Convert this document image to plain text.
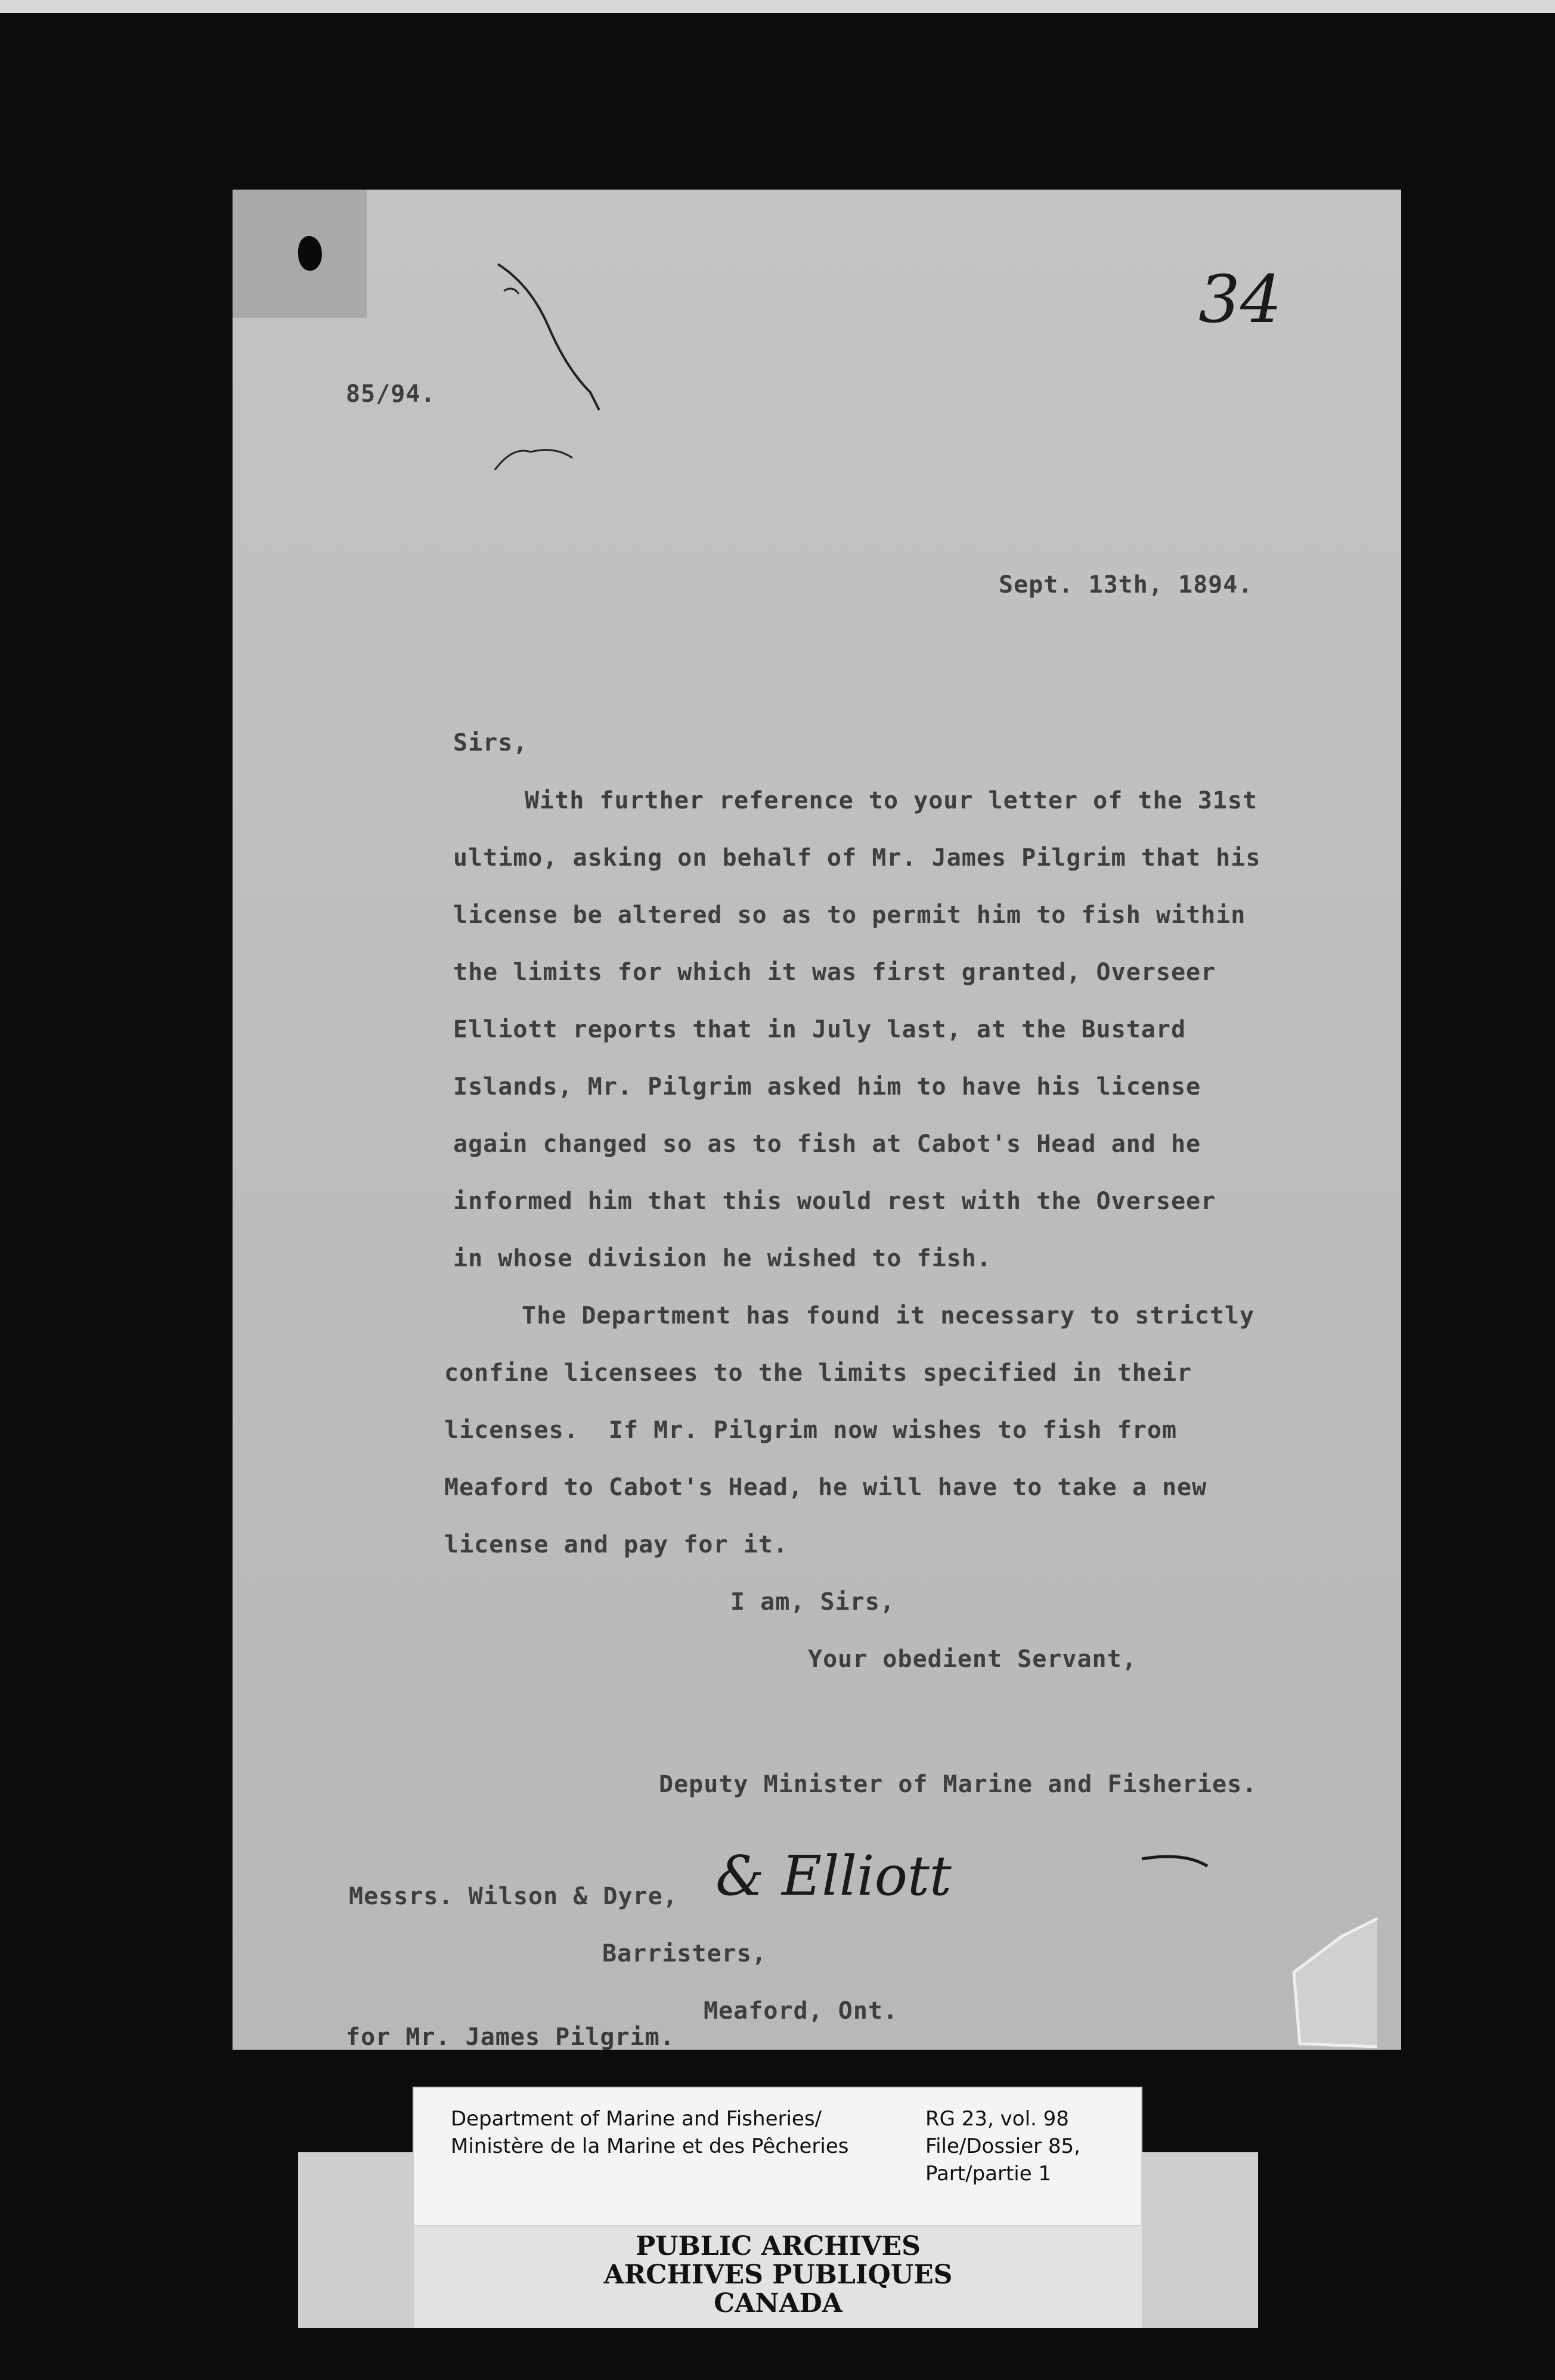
34

85/94.

Sept. 13th, 1894.

Sirs,

With further reference to your letter of the 31st

ultimo, asking on behalf of Mr. James Pilgrim that his

license be altered so as to permit him to fish within

the limits for which it was first granted, Overseer

Elliott reports that in July last, at the Bustard

Islands, Mr. Pilgrim asked him to have his license

again changed so as to fish at Cabot's Head and he

informed him that this would rest with the Overseer

in whose division he wished to fish.

The Department has found it necessary to strictly

confine licensees to the limits specified in their

licenses.  If Mr. Pilgrim now wishes to fish from

Meaford to Cabot's Head, he will have to take a new

license and pay for it.

I am, Sirs,

Your obedient Servant,

Deputy Minister of Marine and Fisheries.

Messrs. Wilson & Dyre, & Elliott

Barristers,

Meaford, Ont.

for Mr. James Pilgrim.

PUBLIC ARCHIVES

ARCHIVES PUBLIQUES

CANADA

Department of Marine and Fisheries/

Ministère de la Marine et des Pêcheries

RG 23, vol. 98

File/Dossier 85,

Part/partie 1
